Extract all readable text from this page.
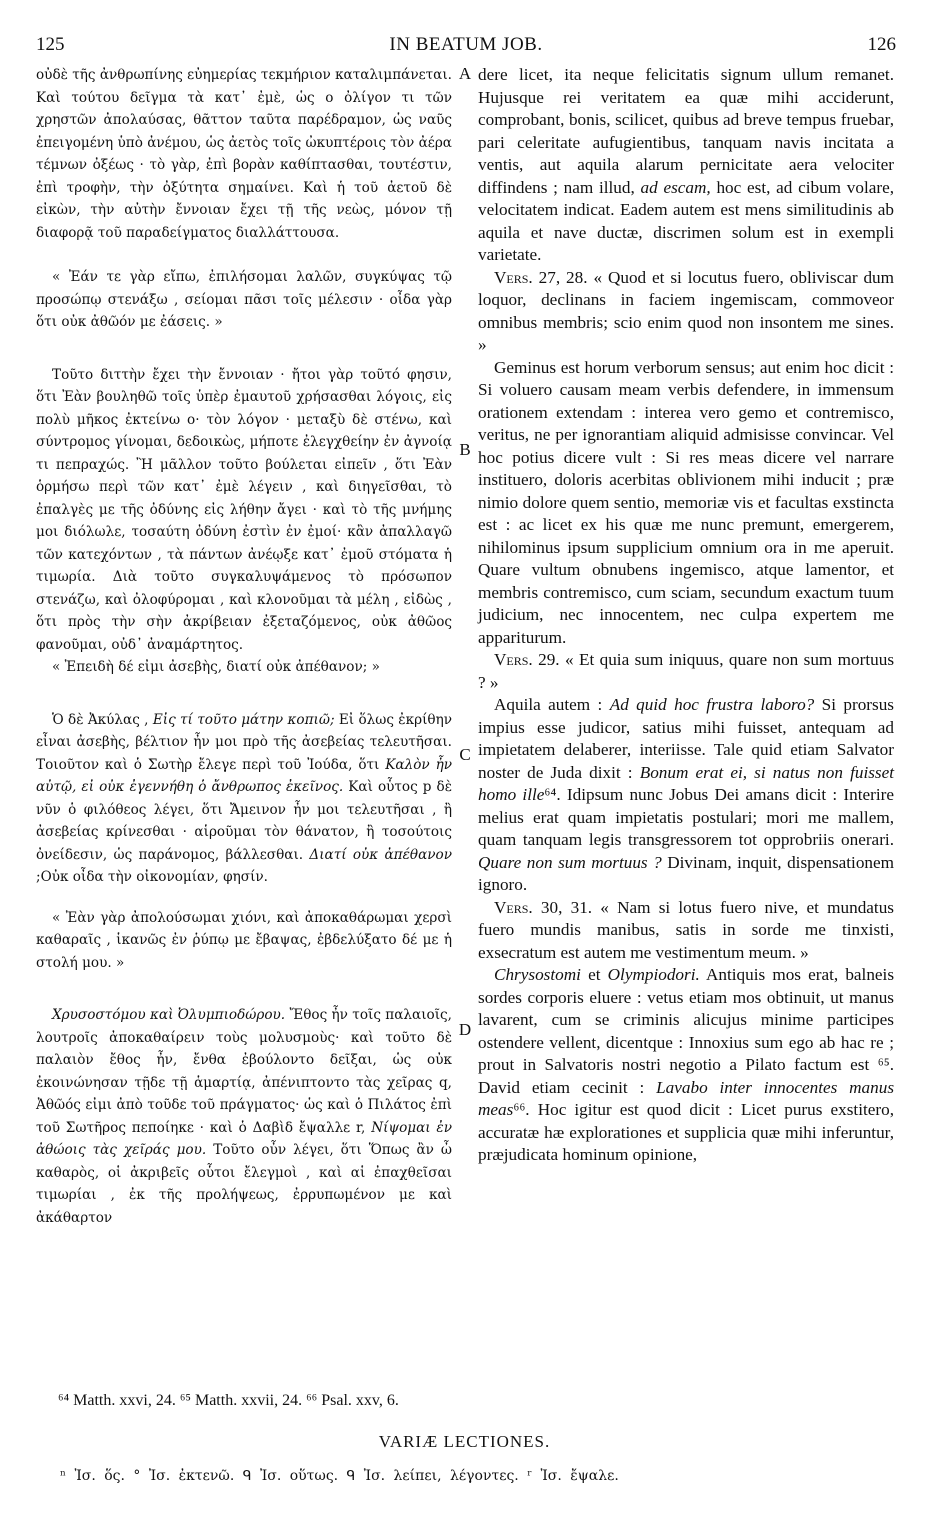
125	IN BEATUM JOB.	126
A
B
C
D

οὐδὲ τῆς ἀνθρωπίνης εὐημερίας τεκμήριον καταλιμπάνεται. Καὶ τούτου δεῖγμα τὰ κατ᾽ ἐμὲ, ὡς ο ὀλίγον τι τῶν χρηστῶν ἀπολαύσας, θᾶττον ταῦτα παρέδραμον, ὡς ναῦς ἐπειγομένη ὑπὸ ἀνέμου, ὡς ἀετὸς τοῖς ὠκυπτέροις τὸν ἀέρα τέμνων ὀξέως · τὸ γὰρ, ἐπὶ βορὰν καθίπτασθαι, τουτέστιν, ἐπὶ τροφὴν, τὴν ὀξύτητα σημαίνει. Καὶ ἡ τοῦ ἀετοῦ δὲ εἰκὼν, τὴν αὐτὴν ἔννοιαν ἔχει τῇ τῆς νεὼς, μόνον τῇ διαφορᾷ τοῦ παραδείγματος διαλλάττουσα.

« Ἐάν τε γὰρ εἴπω, ἐπιλήσομαι λαλῶν, συγκύψας τῷ προσώπῳ στενάξω , σείομαι πᾶσι τοῖς μέλεσιν · οἶδα γὰρ ὅτι οὐκ ἀθῶόν με ἐάσεις. »

Τοῦτο διττὴν ἔχει τὴν ἔννοιαν · ἤτοι γὰρ τοῦτό φησιν, ὅτι Ἐὰν βουληθῶ τοῖς ὑπὲρ ἐμαυτοῦ χρήσασθαι λόγοις, εἰς πολὺ μῆκος ἐκτείνω ο· τὸν λόγον · μεταξὺ δὲ στένω, καὶ σύντρομος γίνομαι, δεδοικὼς, μήποτε ἐλεγχθείην ἐν ἀγνοίᾳ τι πεπραχώς. Ἢ μᾶλλον τοῦτο βούλεται εἰπεῖν , ὅτι Ἐὰν ὁρμήσω περὶ τῶν κατ᾽ ἐμὲ λέγειν , καὶ διηγεῖσθαι, τὸ ἐπαλγὲς με τῆς ὀδύνης εἰς λήθην ἄγει · καὶ τὸ τῆς μνήμης μοι διόλωλε, τοσαύτη ὀδύνη ἐστὶν ἐν ἐμοί· κἂν ἀπαλλαγῶ τῶν κατεχόντων , τὰ πάντων ἀνέῳξε κατ᾽ ἐμοῦ στόματα ἡ τιμωρία. Διὰ τοῦτο συγκαλυψάμενος τὸ πρόσωπον στενάζω, καὶ ὀλοφύρομαι , καὶ κλονοῦμαι τὰ μέλη , εἰδὼς , ὅτι πρὸς τὴν σὴν ἀκρίβειαν ἐξεταζόμενος, οὐκ ἀθῶος φανοῦμαι, οὐδ᾽ ἀναμάρτητος.

« Ἐπειδὴ δέ εἰμι ἀσεβὴς, διατί οὐκ ἀπέθανον; »

Ὁ δὲ Ἀκύλας , Εἰς τί τοῦτο μάτην κοπιῶ; Εἰ ὅλως ἐκρίθην εἶναι ἀσεβὴς, βέλτιον ἦν μοι πρὸ τῆς ἀσεβείας τελευτῆσαι. Τοιοῦτον καὶ ὁ Σωτὴρ ἔλεγε περὶ τοῦ Ἰούδα, ὅτι Καλὸν ἦν αὐτῷ, εἰ οὐκ ἐγεννήθη ὁ ἄνθρωπος ἐκεῖνος. Καὶ οὗτος p δὲ νῦν ὁ φιλόθεος λέγει, ὅτι Ἄμεινον ἦν μοι τελευτῆσαι , ἢ ἀσεβείας κρίνεσθαι · αἱροῦμαι τὸν θάνατον, ἢ τοσούτοις ὀνείδεσιν, ὡς παράνομος, βάλλεσθαι. Διατί οὐκ ἀπέθανον ;Οὐκ οἶδα τὴν οἰκονομίαν, φησίν.

« Ἐὰν γὰρ ἀπολούσωμαι χιόνι, καὶ ἀποκαθάρωμαι χερσὶ καθαραῖς , ἱκανῶς ἐν ῥύπῳ με ἔβαψας, ἐβδελύξατο δέ με ἡ στολή μου. »

Χρυσοστόμου καὶ Ὀλυμπιοδώρου. Ἔθος ἦν τοῖς παλαιοῖς, λουτροῖς ἀποκαθαίρειν τοὺς μολυσμοὺς· καὶ τοῦτο δὲ παλαιὸν ἔθος ἦν, ἔνθα ἐβούλοντο δεῖξαι, ὡς οὐκ ἐκοινώνησαν τῇδε τῇ ἁμαρτίᾳ, ἀπένιπτοντο τὰς χεῖρας q, Ἀθῶός εἰμι ἀπὸ τοῦδε τοῦ πράγματος· ὡς καὶ ὁ Πιλάτος ἐπὶ τοῦ Σωτῆρος πεποίηκε · καὶ ὁ Δαβὶδ ἔψαλλε r, Νίψομαι ἐν ἀθώοις τὰς χεῖράς μου. Τοῦτο οὖν λέγει, ὅτι Ὅπως ἂν ὦ καθαρὸς, οἱ ἀκριβεῖς οὗτοι ἔλεγμοὶ , καὶ αἱ ἐπαχθεῖσαι τιμωρίαι , ἐκ τῆς προλήψεως, ἐρρυπωμένον με καὶ ἀκάθαρτον

dere licet, ita neque felicitatis signum ullum remanet. Hujusque rei veritatem ea quæ mihi acciderunt, comprobant, bonis, scilicet, quibus ad breve tempus fruebar, pari celeritate aufugientibus, tanquam navis incitata a ventis, aut aquila alarum pernicitate aera velociter diffindens ; nam illud, ad escam, hoc est, ad cibum volare, velocitatem indicat. Eadem autem est mens similitudinis ab aquila et nave ductæ, discrimen solum est in exempli varietate.

Vers. 27, 28. « Quod et si locutus fuero, obliviscar dum loquor, declinans in faciem ingemiscam, commoveor omnibus membris; scio enim quod non insontem me sines. »

Geminus est horum verborum sensus; aut enim hoc dicit : Si voluero causam meam verbis defendere, in immensum orationem extendam : interea vero gemo et contremisco, veritus, ne per ignorantiam aliquid admisisse convincar. Vel hoc potius dicere vult : Si res meas dicere vel narrare instituero, doloris acerbitas oblivionem mihi inducit ; præ nimio dolore quem sentio, memoriæ vis et facultas exstincta est : ac licet ex his quæ me nunc premunt, emergerem, nihilominus ipsum supplicium omnium ora in me aperuit. Quare vultum obnubens ingemisco, atque lamentor, et membris contremisco, cum sciam, secundum exactum tuum judicium, nec innocentem, nec culpa expertem me appariturum.

Vers. 29. « Et quia sum iniquus, quare non sum mortuus ? »

Aquila autem : Ad quid hoc frustra laboro? Si prorsus impius esse judicor, satius mihi fuisset, antequam ad impietatem delaberer, interiisse. Tale quid etiam Salvator noster de Juda dixit : Bonum erat ei, si natus non fuisset homo ille⁶⁴. Idipsum nunc Jobus Dei amans dicit : Interire melius erat quam impietatis postulari; mori me mallem, quam tanquam legis transgressorem tot opprobriis onerari. Quare non sum mortuus ? Divinam, inquit, dispensationem ignoro.

Vers. 30, 31. « Nam si lotus fuero nive, et mundatus fuero mundis manibus, satis in sorde me tinxisti, exsecratum est autem me vestimentum meum. »

Chrysostomi et Olympiodori. Antiquis mos erat, balneis sordes corporis eluere : vetus etiam mos obtinuit, ut manus lavarent, cum se criminis alicujus minime participes ostendere vellent, dicentque : Innoxius sum ego ab hac re ; prout in Salvatoris nostri negotio a Pilato factum est ⁶⁵. David etiam cecinit : Lavabo inter innocentes manus meas⁶⁶. Hoc igitur est quod dicit : Licet purus exstitero, accuratæ hæ explorationes et supplicia quæ mihi inferuntur, præjudicata hominum opinione,

⁶⁴ Matth. xxvi, 24. ⁶⁵ Matth. xxvii, 24. ⁶⁶ Psal. xxv, 6.
VARIÆ LECTIONES.
ⁿ Ἰσ. ὅς. ° Ἰσ. ἐκτενῶ. ᑫ Ἰσ. οὕτως. ᑫ Ἰσ. λείπει, λέγοντες. ʳ Ἰσ. ἔψαλε.
